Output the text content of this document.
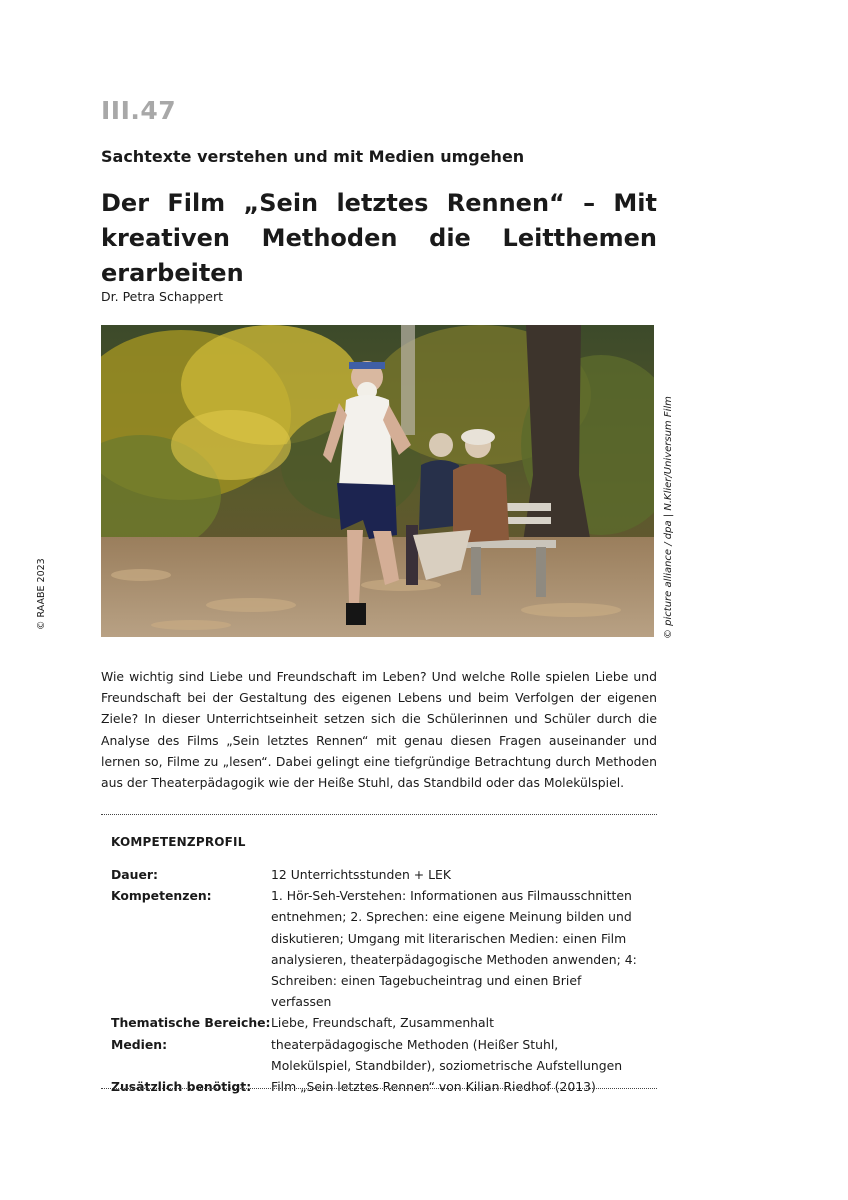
III.47
Sachtexte verstehen und mit Medien umgehen
Der Film „Sein letztes Rennen“ – Mit kreativen Methoden die Leitthemen erarbeiten
Dr. Petra Schappert
© picture alliance / dpa | N.Klier/Universum Film
© RAABE 2023

Wie wichtig sind Liebe und Freundschaft im Leben? Und welche Rolle spielen Liebe und Freundschaft bei der Gestaltung des eigenen Lebens und beim Verfolgen der eigenen Ziele? In dieser Unterrichtseinheit setzen sich die Schülerinnen und Schüler durch die Analyse des Films „Sein letztes Rennen“ mit genau diesen Fragen auseinander und lernen so, Filme zu „lesen“. Dabei gelingt eine tiefgründige Betrachtung durch Methoden aus der Theaterpädagogik wie der Heiße Stuhl, das Standbild oder das Molekülspiel.

KOMPETENZPROFIL
Dauer:	12 Unterrichtsstunden + LEK
Kompetenzen:	1. Hör-Seh-Verstehen: Informationen aus Filmausschnitten entnehmen; 2. Sprechen: eine eigene Meinung bilden und diskutieren; Umgang mit literarischen Medien: einen Film analysieren, theaterpädagogische Methoden anwenden; 4: Schreiben: einen Tagebucheintrag und einen Brief verfassen
Thematische Bereiche: Liebe, Freundschaft, Zusammenhalt
Medien:	theaterpädagogische Methoden (Heißer Stuhl, Molekülspiel, Standbilder), soziometrische Aufstellungen
Zusätzlich benötigt:	Film „Sein letztes Rennen“ von Kilian Riedhof (2013)
